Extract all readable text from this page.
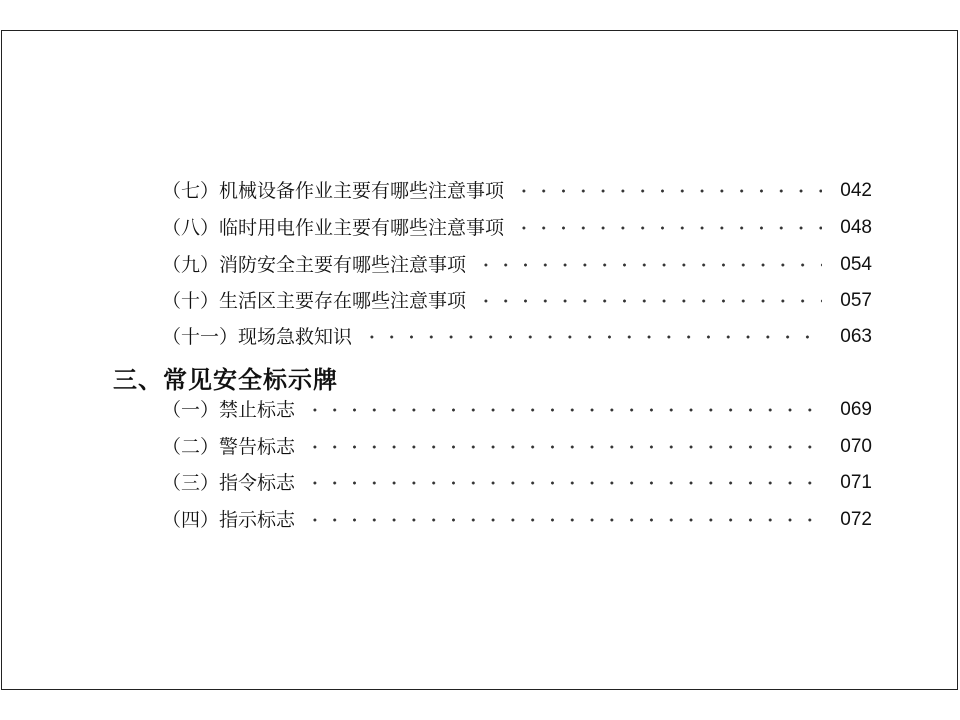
（七）机械设备作业主要有哪些注意事项	042
（八）临时用电作业主要有哪些注意事项	048
（九）消防安全主要有哪些注意事项	054
（十）生活区主要存在哪些注意事项	057
（十一）现场急救知识	063
三、常见安全标示牌
（一）禁止标志	069
（二）警告标志	070
（三）指令标志	071
（四）指示标志	072
